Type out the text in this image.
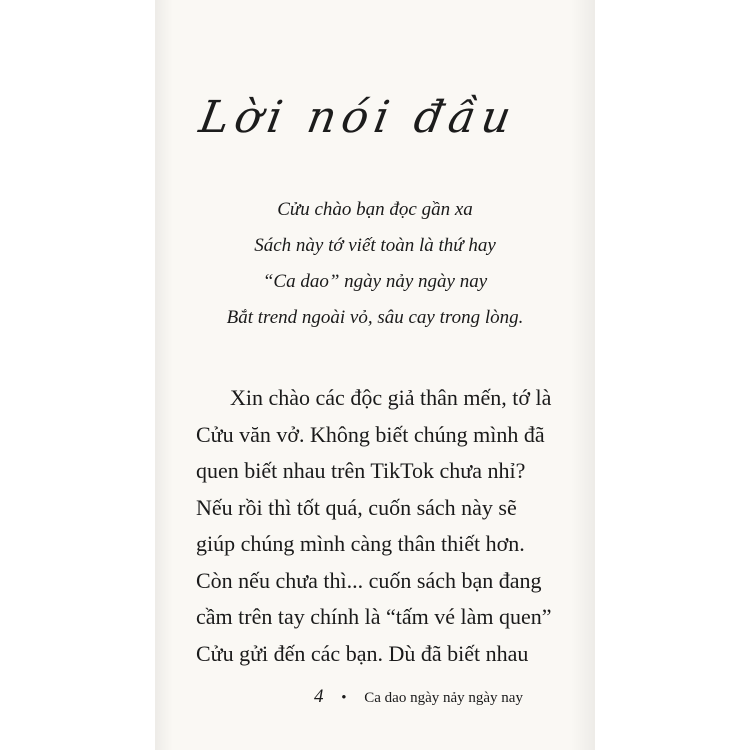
Lời nói đầu
Cửu chào bạn đọc gần xa
Sách này tớ viết toàn là thứ hay
“Ca dao” ngày nảy ngày nay
Bắt trend ngoài vỏ, sâu cay trong lòng.
Xin chào các độc giả thân mến, tớ là
Cửu văn vở. Không biết chúng mình đã
quen biết nhau trên TikTok chưa nhỉ?
Nếu rồi thì tốt quá, cuốn sách này sẽ
giúp chúng mình càng thân thiết hơn.
Còn nếu chưa thì... cuốn sách bạn đang
cầm trên tay chính là “tấm vé làm quen”
Cửu gửi đến các bạn. Dù đã biết nhau
4 • Ca dao ngày nảy ngày nay
